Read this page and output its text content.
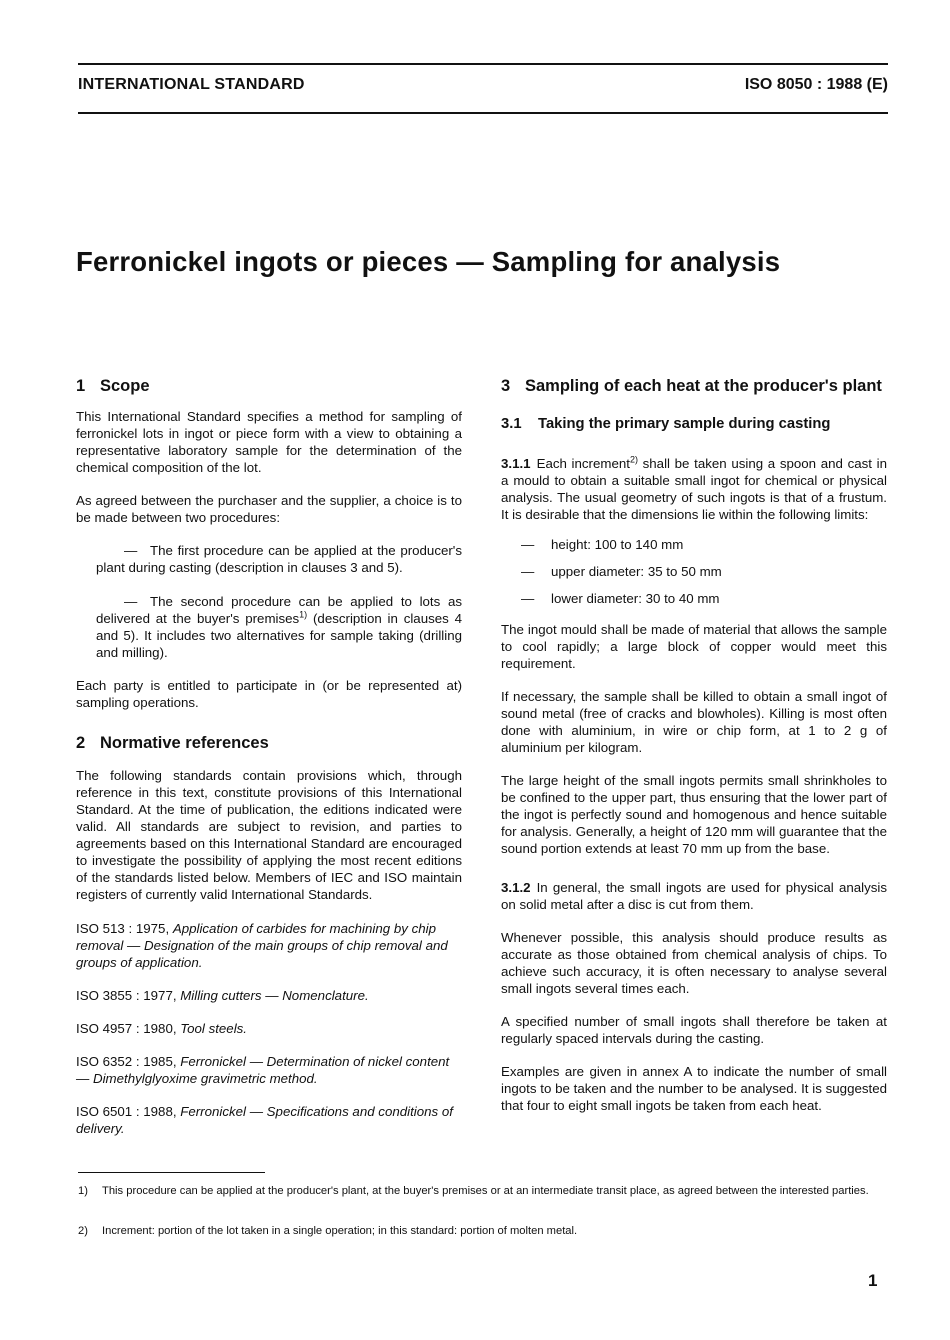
INTERNATIONAL STANDARD	ISO 8050 : 1988 (E)
Ferronickel ingots or pieces — Sampling for analysis
1 Scope

This International Standard specifies a method for sampling of ferronickel lots in ingot or piece form with a view to obtaining a representative laboratory sample for the determination of the chemical composition of the lot.

As agreed between the purchaser and the supplier, a choice is to be made between two procedures:

— The first procedure can be applied at the producer's plant during casting (description in clauses 3 and 5).
— The second procedure can be applied to lots as delivered at the buyer's premises$^{1)}$ (description in clauses 4 and 5). It includes two alternatives for sample taking (drilling and milling).

Each party is entitled to participate in (or be represented at) sampling operations.

2 Normative references

The following standards contain provisions which, through reference in this text, constitute provisions of this International Standard. At the time of publication, the editions indicated were valid. All standards are subject to revision, and parties to agreements based on this International Standard are encouraged to investigate the possibility of applying the most recent editions of the standards listed below. Members of IEC and ISO maintain registers of currently valid International Standards.

ISO 513 : 1975, Application of carbides for machining by chip removal — Designation of the main groups of chip removal and groups of application.
ISO 3855 : 1977, Milling cutters — Nomenclature.
ISO 4957 : 1980, Tool steels.
ISO 6352 : 1985, Ferronickel — Determination of nickel content — Dimethylglyoxime gravimetric method.
ISO 6501 : 1988, Ferronickel — Specifications and conditions of delivery.
3 Sampling of each heat at the producer's plant
3.1 Taking the primary sample during casting

3.1.1 Each increment$^{2)}$ shall be taken using a spoon and cast in a mould to obtain a suitable small ingot for chemical or physical analysis. The usual geometry of such ingots is that of a frustum. It is desirable that the dimensions lie within the following limits:

— height: 100 to 140 mm
— upper diameter: 35 to 50 mm
— lower diameter: 30 to 40 mm

The ingot mould shall be made of material that allows the sample to cool rapidly; a large block of copper would meet this requirement.

If necessary, the sample shall be killed to obtain a small ingot of sound metal (free of cracks and blowholes). Killing is most often done with aluminium, in wire or chip form, at 1 to 2 g of aluminium per kilogram.

The large height of the small ingots permits small shrinkholes to be confined to the upper part, thus ensuring that the lower part of the ingot is perfectly sound and homogenous and hence suitable for analysis. Generally, a height of 120 mm will guarantee that the sound portion extends at least 70 mm up from the base.

3.1.2 In general, the small ingots are used for physical analysis on solid metal after a disc is cut from them.

Whenever possible, this analysis should produce results as accurate as those obtained from chemical analysis of chips. To achieve such accuracy, it is often necessary to analyse several small ingots several times each.

A specified number of small ingots shall therefore be taken at regularly spaced intervals during the casting.

Examples are given in annex A to indicate the number of small ingots to be taken and the number to be analysed. It is suggested that four to eight small ingots be taken from each heat.

1) This procedure can be applied at the producer's plant, at the buyer's premises or at an intermediate transit place, as agreed between the interested parties.
2) Increment: portion of the lot taken in a single operation; in this standard: portion of molten metal.
1
